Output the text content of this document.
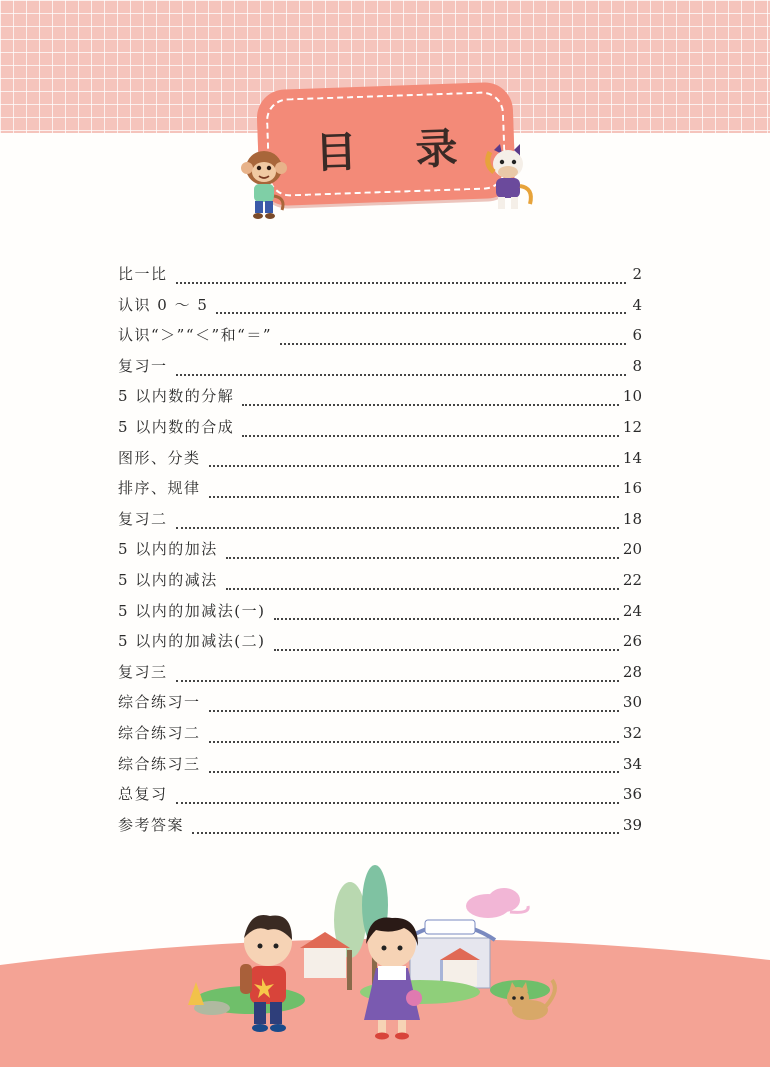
目 录
比一比	2
认识 0 ～ 5	4
认识“＞”“＜”和“＝”	6
复习一	8
5 以内数的分解	10
5 以内数的合成	12
图形、分类	14
排序、规律	16
复习二	18
5 以内的加法	20
5 以内的减法	22
5 以内的加减法(一)	24
5 以内的加减法(二)	26
复习三	28
综合练习一	30
综合练习二	32
综合练习三	34
总复习	36
参考答案	39
